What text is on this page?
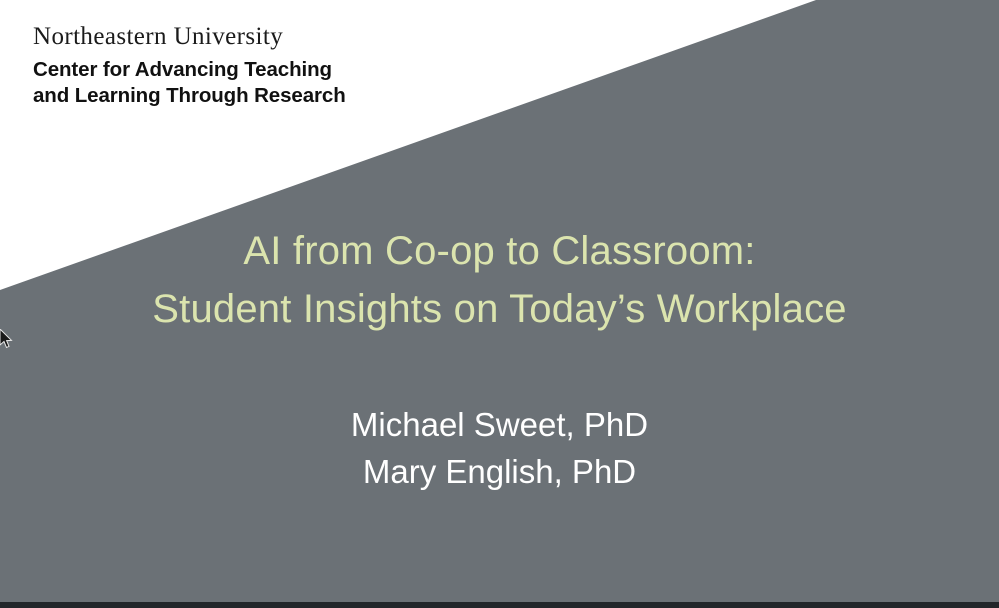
Northeastern University
Center for Advancing Teaching
and Learning Through Research
AI from Co-op to Classroom:
Student Insights on Today’s Workplace
Michael Sweet, PhD
Mary English, PhD
